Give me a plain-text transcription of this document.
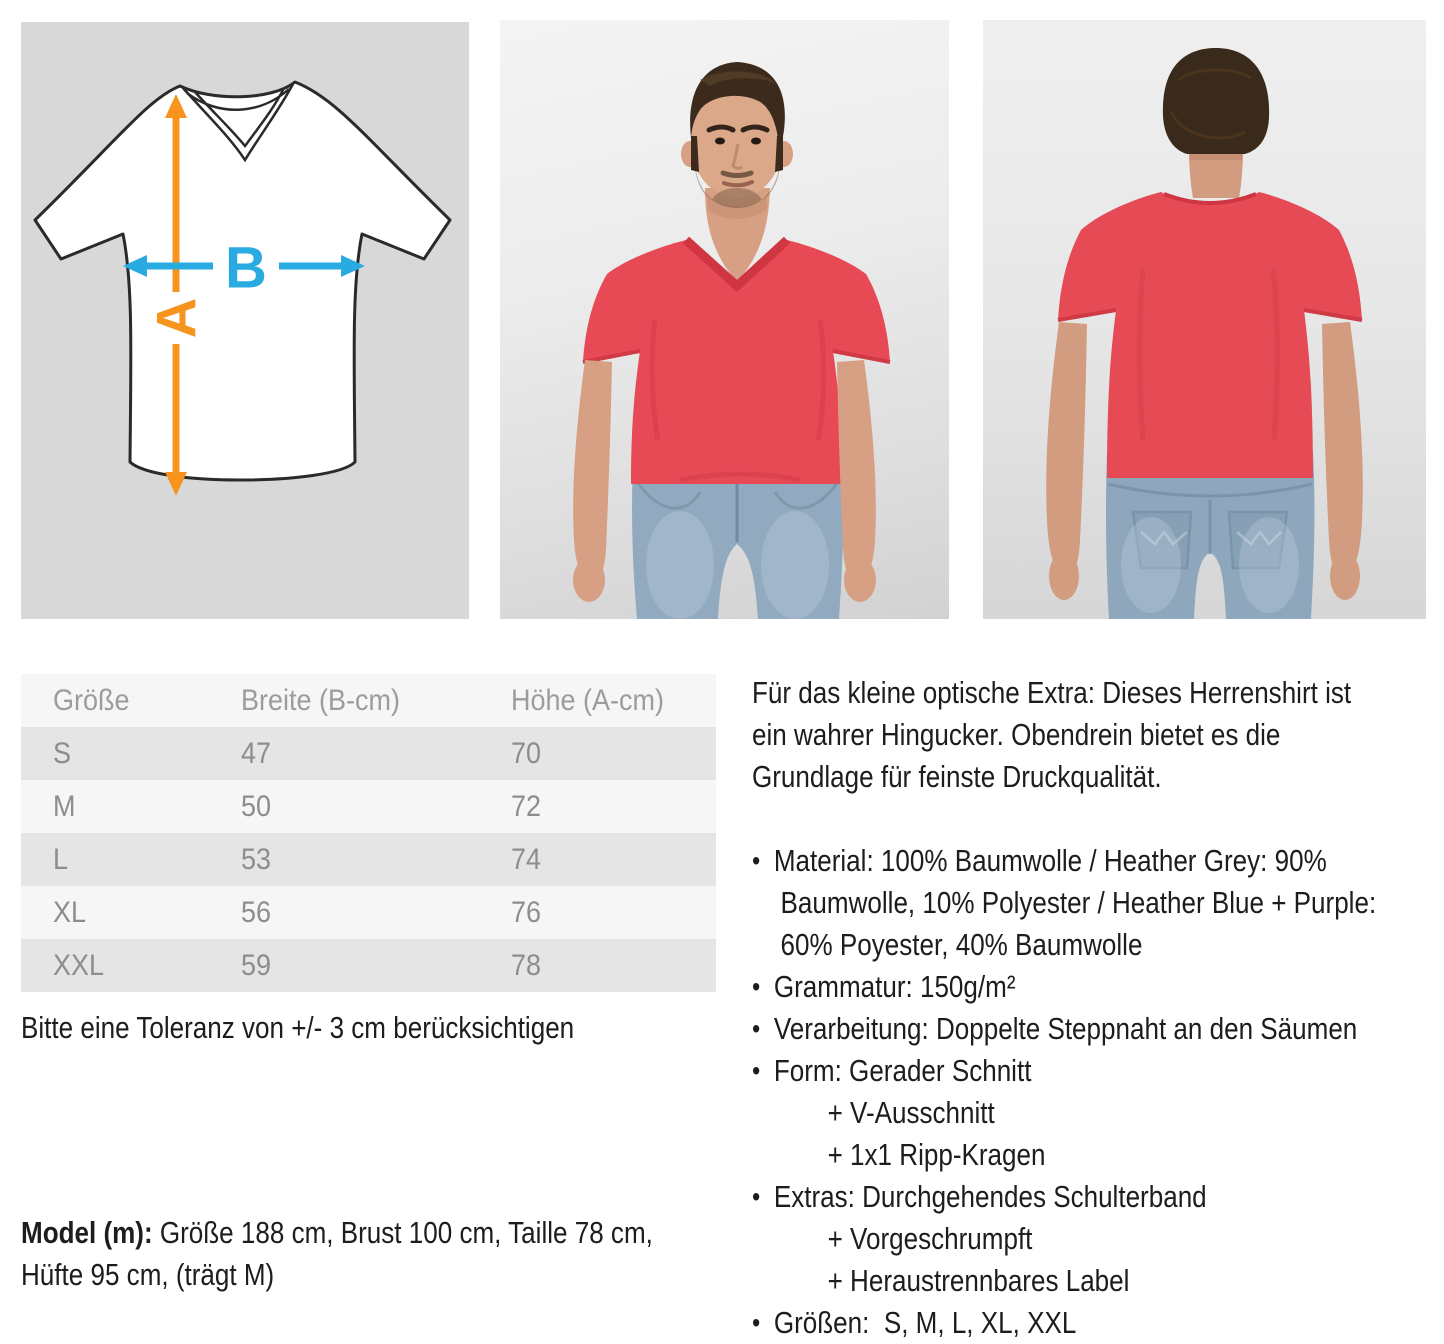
A
B
Größe	Breite (B-cm)	Höhe (A-cm)
S	47	70
M	50	72
L	53	74
XL	56	76
XXL	59	78
Bitte eine Toleranz von +/- 3 cm berücksichtigen
Model (m): Größe 188 cm, Brust 100 cm, Taille 78 cm,
Hüfte 95 cm, (trägt M)
Für das kleine optische Extra: Dieses Herrenshirt ist
ein wahrer Hingucker. Obendrein bietet es die
Grundlage für feinste Druckqualität.
• Material: 100% Baumwolle / Heather Grey: 90%
Baumwolle, 10% Polyester / Heather Blue + Purple:
60% Poyester, 40% Baumwolle
• Grammatur: 150g/m²
• Verarbeitung: Doppelte Steppnaht an den Säumen
• Form: Gerader Schnitt
+ V-Ausschnitt
+ 1x1 Ripp-Kragen
• Extras: Durchgehendes Schulterband
+ Vorgeschrumpft
+ Heraustrennbares Label
• Größen:  S, M, L, XL, XXL
